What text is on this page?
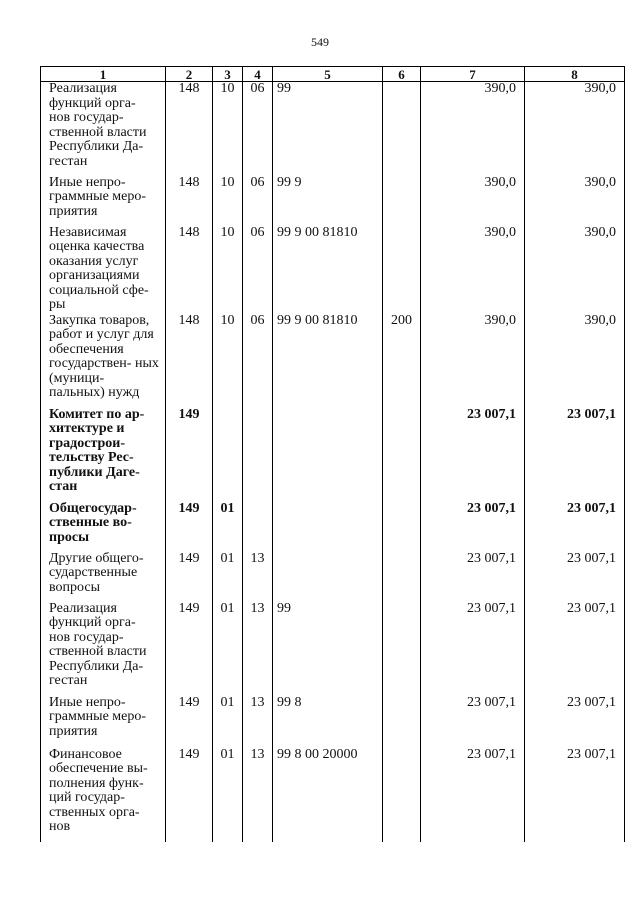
549
1	2	3	4	5	6	7	8

Реализация функций орга- нов государ- ственной власти Республики Да- гестан	148	10	06	99		390,0	390,0

Иные непро- граммные меро- приятия	148	10	06	99 9		390,0	390,0

Независимая оценка качества оказания услуг организациями социальной сфе- ры	148	10	06	99 9 00 81810		390,0	390,0

Закупка товаров, работ и услуг для обеспечения государствен- ных (муници- пальных) нужд	148	10	06	99 9 00 81810	200	390,0	390,0

Комитет по ар- хитектуре и градострои- тельству Рес- публики Даге- стан	149					23 007,1	23 007,1

Общегосудар- ственные во- просы	149	01				23 007,1	23 007,1

Другие общего- сударственные вопросы	149	01	13			23 007,1	23 007,1

Реализация функций орга- нов государ- ственной власти Республики Да- гестан	149	01	13	99		23 007,1	23 007,1

Иные непро- граммные меро- приятия	149	01	13	99 8		23 007,1	23 007,1

Финансовое обеспечение вы- полнения функ- ций государ- ственных орга- нов	149	01	13	99 8 00 20000		23 007,1	23 007,1
